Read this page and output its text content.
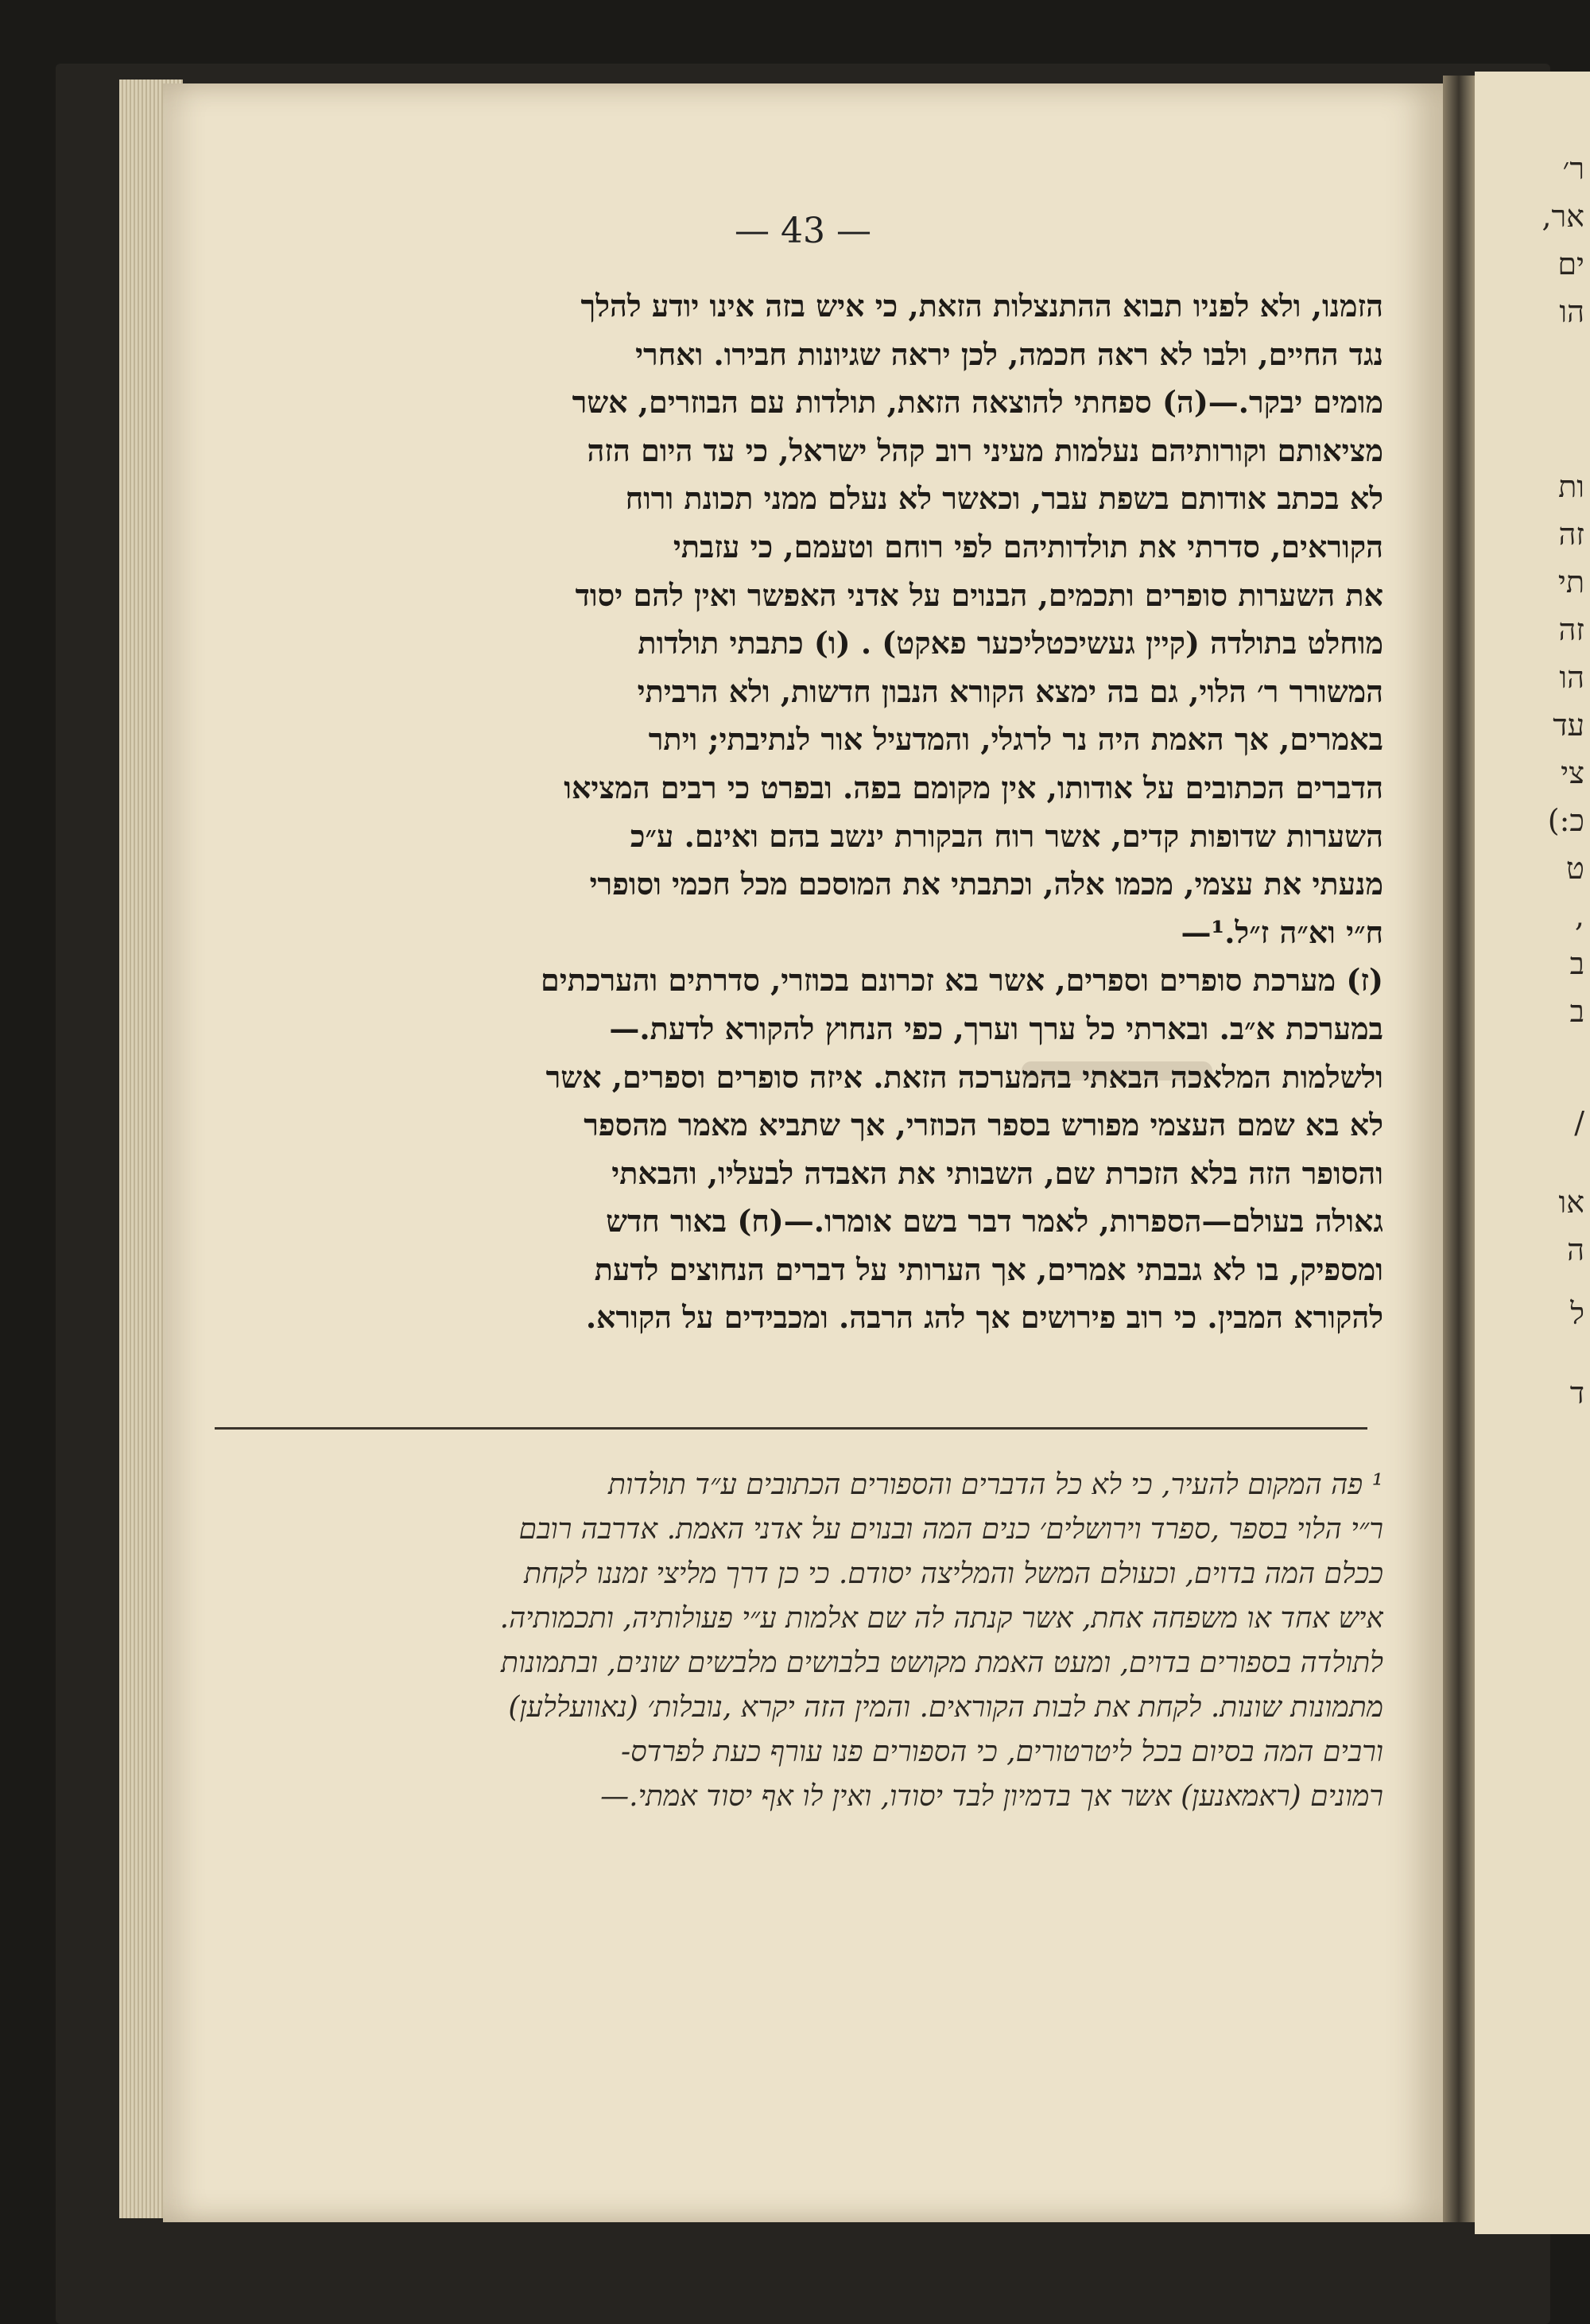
— 43 —
הזמנו, ולא לפניו תבוא ההתנצלות הזאת, כי איש בזה אינו יודע להלך
נגד החיים, ולבו לא ראה חכמה, לכן יראה שגיונות חבירו. ואחרי
מומים יבקר.—(ה) ספחתי להוצאה הזאת, תולדות עם הבוזרים, אשר
מציאותם וקורותיהם נעלמות מעיני רוב קהל ישראל, כי עד היום הזה
לא בכתב אודותם בשפת עבר, וכאשר לא נעלם ממני תכונת ורוח
הקוראים, סדרתי את תולדותיהם לפי רוחם וטעמם, כי עזבתי
את השערות סופרים ותכמים, הבנוים על אדני האפשר ואין להם יסוד
מוחלט בתולדה (קיין געשיכטליכער פאקט) . (ו) כתבתי תולדות
המשורר ר׳ הלוי, גם בה ימצא הקורא הנבון חדשות, ולא הרביתי
באמרים, אך האמת היה נר לרגלי, והמדעיל אור לנתיבתי; ויתר
הדברים הכתובים על אודותו, אין מקומם בפה. ובפרט כי רבים המציאו
השערות שדופות קדים, אשר רוח הבקורת ינשב בהם ואינם. ע״כ
מנעתי את עצמי, מכמו אלה, וכתבתי את המוסכם מכל חכמי וסופרי
ח״י וא״ה ז״ל.¹—
(ז) מערכת סופרים וספרים, אשר בא זכרונם בכוזרי, סדרתים והערכתים
במערכת א״ב. ובארתי כל ערך וערך, כפי הנחוץ להקורא לדעת.—
ולשלמות המלאכה הבאתי בהמערכה הזאת. איזה סופרים וספרים, אשר
לא בא שמם העצמי מפורש בספר הכוזרי, אך שתביא מאמר מהספר
והסופר הזה בלא הזכרת שם, השבותי את האבדה לבעליו, והבאתי
גאולה בעולם—הספרות, לאמר דבר בשם אומרו.—(ח) באור חדש
ומספיק, בו לא גבבתי אמרים, אך הערותי על דברים הנחוצים לדעת
להקורא המבין. כי רוב פירושים אך להג הרבה. ומכבידים על הקורא.
¹ פה המקום להעיר, כי לא כל הדברים והספורים הכתובים ע״ד תולדות
ר״י הלוי בספר ,ספרד וירושלים׳ כנים המה ובנוים על אדני האמת. אדרבה רובם
ככלם המה בדוים, וכעולם המשל והמליצה יסודם. כי כן דרך מליצי זמננו לקחת
איש אחד או משפחה אחת, אשר קנתה לה שם אלמות ע״י פעולותיה, ותכמותיה.
לתולדה בספורים בדוים, ומעט האמת מקושט בלבושים מלבשים שונים, ובתמונות
מתמונות שונות. לקחת את לבות הקוראים. והמין הזה יקרא ,נובלות׳ (נאוועללען)
ורבים המה בסיום בכל ליטרטורים, כי הספורים פנו עורף כעת לפרדס-
רמונים (ראמאנען) אשר אך בדמיון לבד יסודו, ואין לו אף יסוד אמתי.—
ר׳
אר,
ים
הו
ות
זה
תי
זה
הו
עד
צי
כ:)
ט
,
ב
ב
/
או
ה
ל
ד
